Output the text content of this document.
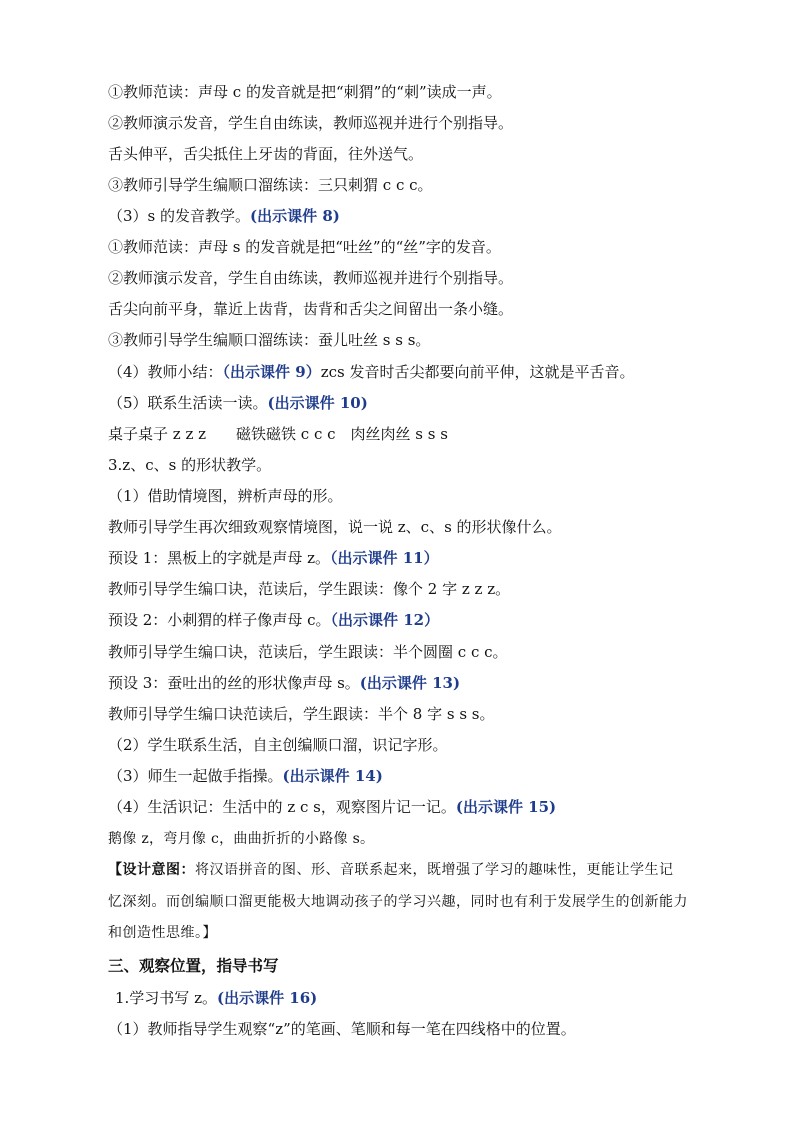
①教师范读：声母 c 的发音就是把“刺猬”的“刺”读成一声。
②教师演示发音，学生自由练读，教师巡视并进行个别指导。
舌头伸平，舌尖抵住上牙齿的背面，往外送气。
③教师引导学生编顺口溜练读：三只刺猬 c c c。
（3）s 的发音教学。(出示课件 8)
①教师范读：声母 s 的发音就是把“吐丝”的“丝”字的发音。
②教师演示发音，学生自由练读，教师巡视并进行个别指导。
舌尖向前平身，靠近上齿背，齿背和舌尖之间留出一条小缝。
③教师引导学生编顺口溜练读：蚕儿吐丝 s s s。
（4）教师小结：（出示课件 9）zcs 发音时舌尖都要向前平伸，这就是平舌音。
（5）联系生活读一读。(出示课件 10)
桌子桌子 z z z　　磁铁磁铁 c c c　肉丝肉丝 s s s
3.z、c、s 的形状教学。
（1）借助情境图，辨析声母的形。
教师引导学生再次细致观察情境图，说一说 z、c、s 的形状像什么。
预设 1：黑板上的字就是声母 z。（出示课件 11）
教师引导学生编口诀，范读后，学生跟读：像个 2 字 z z z。
预设 2：小刺猬的样子像声母 c。（出示课件 12）
教师引导学生编口诀，范读后，学生跟读：半个圆圈 c c c。
预设 3：蚕吐出的丝的形状像声母 s。(出示课件 13)
教师引导学生编口诀范读后，学生跟读：半个 8 字 s s s。
（2）学生联系生活，自主创编顺口溜，识记字形。
（3）师生一起做手指操。(出示课件 14)
（4）生活识记：生活中的 z c s，观察图片记一记。(出示课件 15)
鹅像 z，弯月像 c，曲曲折折的小路像 s。
【设计意图：将汉语拼音的图、形、音联系起来，既增强了学习的趣味性，更能让学生记
忆深刻。而创编顺口溜更能极大地调动孩子的学习兴趣，同时也有利于发展学生的创新能力
和创造性思维。】
三、观察位置，指导书写
1.学习书写 z。(出示课件 16)
（1）教师指导学生观察“z”的笔画、笔顺和每一笔在四线格中的位置。
